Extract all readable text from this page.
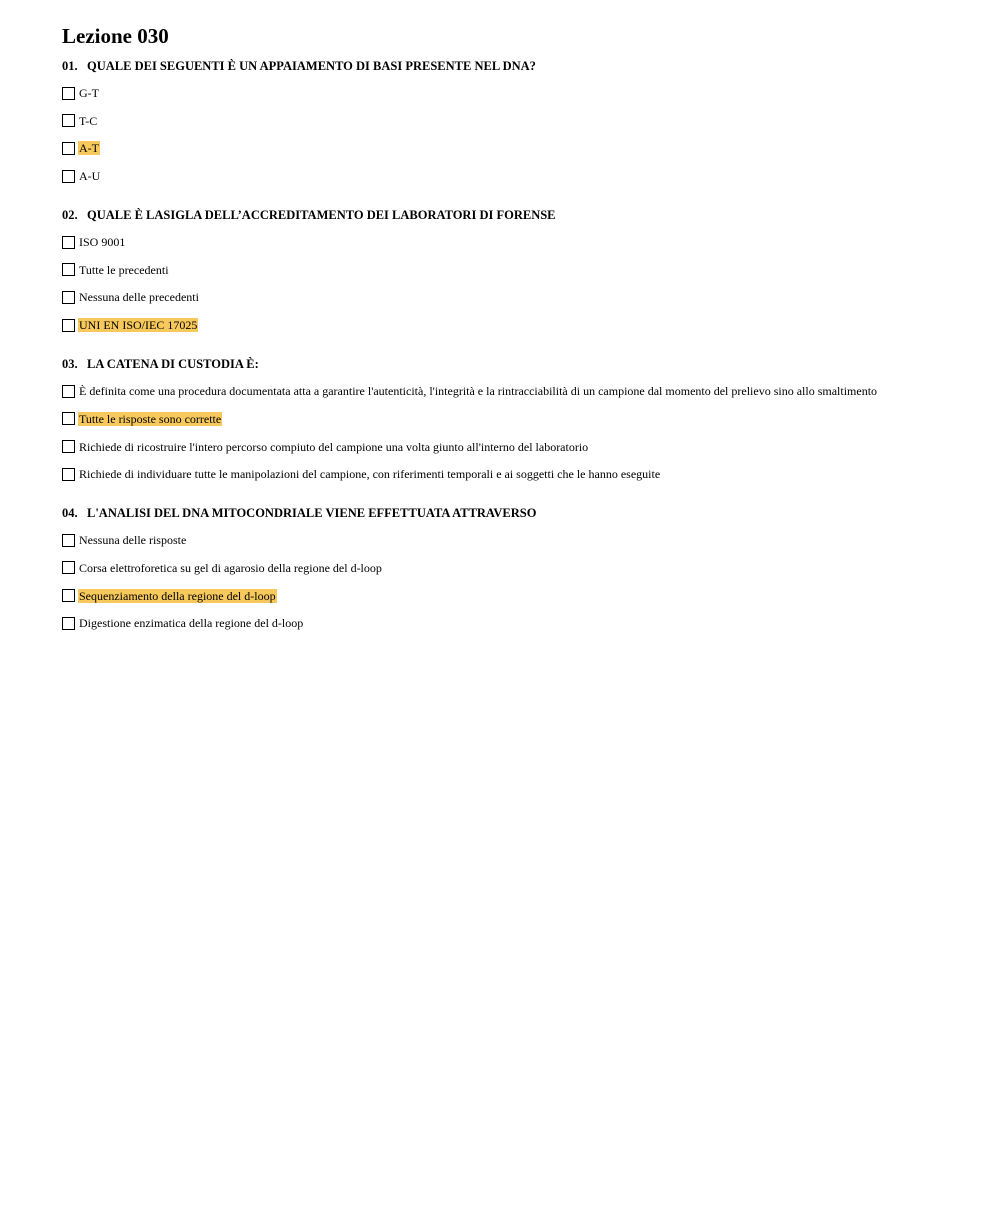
Lezione 030
01. QUALE DEI SEGUENTI È UN APPAIAMENTO DI BASI PRESENTE NEL DNA?
G-T
T-C
A-T
A-U
02. QUALE È LASIGLA DELL’ACCREDITAMENTO DEI LABORATORI DI FORENSE
ISO 9001
Tutte le precedenti
Nessuna delle precedenti
UNI EN ISO/IEC 17025
03. LA CATENA DI CUSTODIA È:
È definita come una procedura documentata atta a garantire l'autenticità, l'integrità e la rintracciabilità di un campione dal momento del prelievo sino allo smaltimento
Tutte le risposte sono corrette
Richiede di ricostruire l'intero percorso compiuto del campione una volta giunto all'interno del laboratorio
Richiede di individuare tutte le manipolazioni del campione, con riferimenti temporali e ai soggetti che le hanno eseguite
04. L'ANALISI DEL DNA MITOCONDRIALE VIENE EFFETTUATA ATTRAVERSO
Nessuna delle risposte
Corsa elettroforetica su gel di agarosio della regione del d-loop
Sequenziamento della regione del d-loop
Digestione enzimatica della regione del d-loop
